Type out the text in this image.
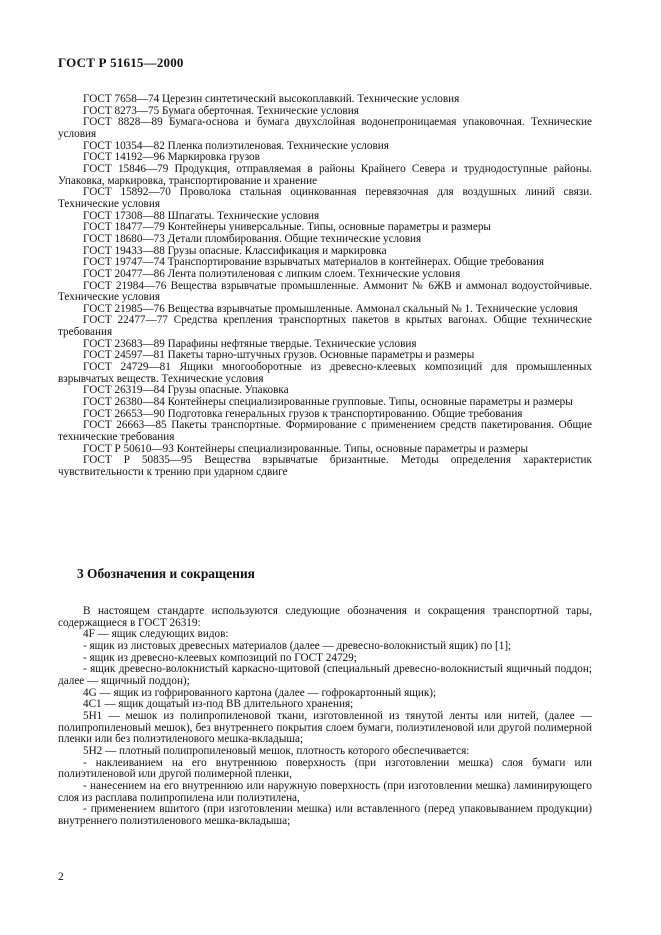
ГОСТ Р 51615—2000

ГОСТ 7658—74 Церезин синтетический высокоплавкий. Технические условия

ГОСТ 8273—75 Бумага оберточная. Технические условия

ГОСТ 8828—89 Бумага-основа и бумага двухслойная водонепроницаемая упаковочная. Технические условия

ГОСТ 10354—82 Пленка полиэтиленовая. Технические условия

ГОСТ 14192—96 Маркировка грузов

ГОСТ 15846—79 Продукция, отправляемая в районы Крайнего Севера и труднодоступные районы. Упаковка, маркировка, транспортирование и хранение

ГОСТ 15892—70 Проволока стальная оцинкованная перевязочная для воздушных линий связи. Технические условия

ГОСТ 17308—88 Шпагаты. Технические условия

ГОСТ 18477—79 Контейнеры универсальные. Типы, основные параметры и размеры

ГОСТ 18680—73 Детали пломбирования. Общие технические условия

ГОСТ 19433—88 Грузы опасные. Классификация и маркировка

ГОСТ 19747—74 Транспортирование взрывчатых материалов в контейнерах. Общие требования

ГОСТ 20477—86 Лента полиэтиленовая с липким слоем. Технические условия

ГОСТ 21984—76 Вещества взрывчатые промышленные. Аммонит № 6ЖВ и аммонал водоустойчивые. Технические условия

ГОСТ 21985—76 Вещества взрывчатые промышленные. Аммонал скальный № 1. Технические условия

ГОСТ 22477—77 Средства крепления транспортных пакетов в крытых вагонах. Общие технические требования

ГОСТ 23683—89 Парафины нефтяные твердые. Технические условия

ГОСТ 24597—81 Пакеты тарно-штучных грузов. Основные параметры и размеры

ГОСТ 24729—81 Ящики многооборотные из древесно-клеевых композиций для промышленных взрывчатых веществ. Технические условия

ГОСТ 26319—84 Грузы опасные. Упаковка

ГОСТ 26380—84 Контейнеры специализированные групповые. Типы, основные параметры и размеры

ГОСТ 26653—90 Подготовка генеральных грузов к транспортированию. Общие требования

ГОСТ 26663—85 Пакеты транспортные. Формирование с применением средств пакетирования. Общие технические требования

ГОСТ Р 50610—93 Контейнеры специализированные. Типы, основные параметры и размеры

ГОСТ Р 50835—95 Вещества взрывчатые бризантные. Методы определения характеристик чувствительности к трению при ударном сдвиге

3 Обозначения и сокращения

В настоящем стандарте используются следующие обозначения и сокращения транспортной тары, содержащиеся в ГОСТ 26319:

4F — ящик следующих видов:

- ящик из листовых древесных материалов (далее — древесно-волокнистый ящик) по [1];

- ящик из древесно-клеевых композиций по ГОСТ 24729;

- ящик древесно-волокнистый каркасно-щитовой (специальный древесно-волокнистый ящичный поддон; далее — ящичный поддон);

4G — ящик из гофрированного картона (далее — гофрокартонный ящик);

4C1 — ящик дощатый из-под ВВ длительного хранения;

5H1 — мешок из полипропиленовой ткани, изготовленной из тянутой ленты или нитей, (далее — полипропиленовый мешок), без внутреннего покрытия слоем бумаги, полиэтиленовой или другой полимерной пленки или без полиэтиленового мешка-вкладыша;

5H2 — плотный полипропиленовый мешок, плотность которого обеспечивается:

- наклеиванием на его внутреннюю поверхность (при изготовлении мешка) слоя бумаги или полиэтиленовой или другой полимерной пленки,

- нанесением на его внутреннюю или наружную поверхность (при изготовлении мешка) ламинирующего слоя из расплава полипропилена или полиэтилена,

- применением вшитого (при изготовлении мешка) или вставленного (перед упаковыванием продукции) внутреннего полиэтиленового мешка-вкладыша;

2
